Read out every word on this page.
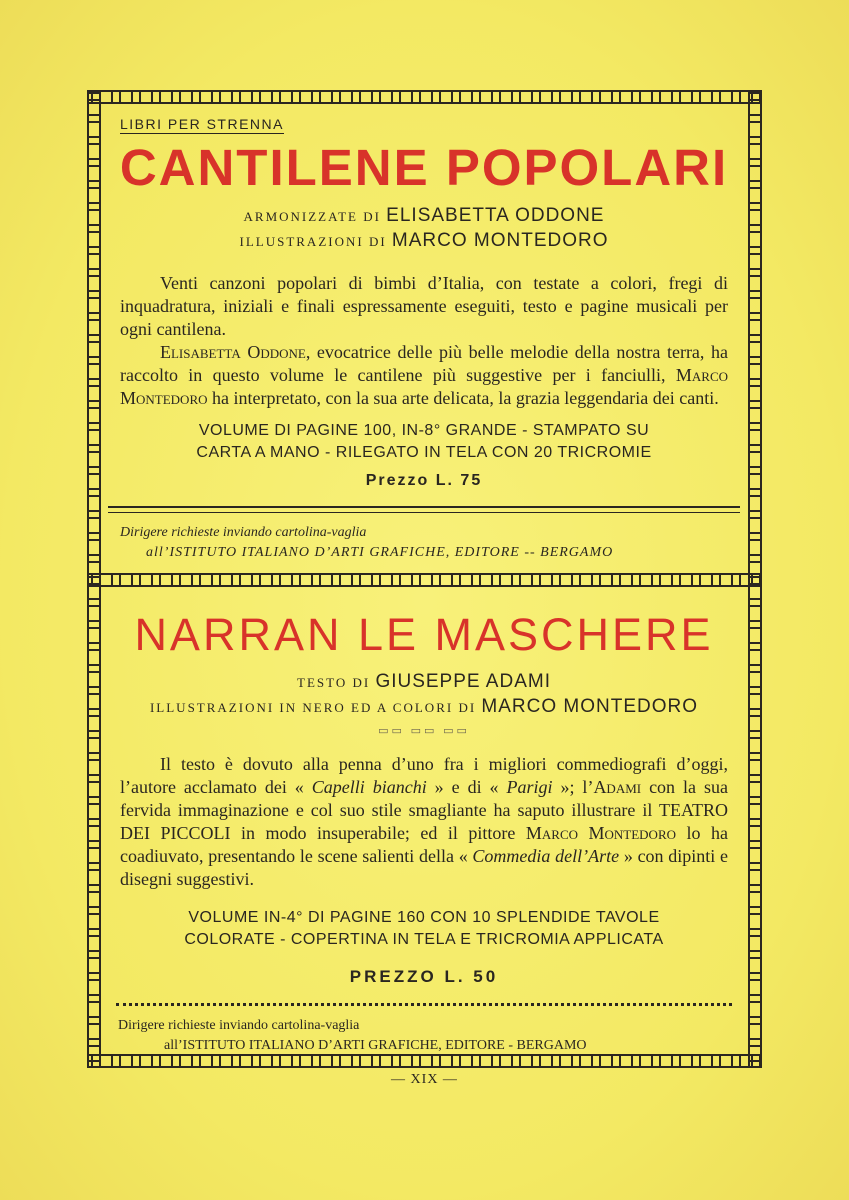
LIBRI PER STRENNA
CANTILENE POPOLARI
ARMONIZZATE DI ELISABETTA ODDONE
ILLUSTRAZIONI DI MARCO MONTEDORO

Venti canzoni popolari di bimbi d’Italia, con testate a colori, fregi di inquadratura, iniziali e finali espressamente eseguiti, testo e pagine musicali per ogni cantilena.

Elisabetta Oddone, evocatrice delle più belle melodie della nostra terra, ha raccolto in questo volume le cantilene più suggestive per i fanciulli, Marco Montedoro ha interpretato, con la sua arte delicata, la grazia leggendaria dei canti.

VOLUME DI PAGINE 100, IN-8° GRANDE - STAMPATO SU
CARTA A MANO - RILEGATO IN TELA CON 20 TRICROMIE
Prezzo L. 75
Dirigere richieste inviando cartolina-vaglia
all’ISTITUTO ITALIANO D’ARTI GRAFICHE, EDITORE -- BERGAMO
NARRAN LE MASCHERE
TESTO DI GIUSEPPE ADAMI
ILLUSTRAZIONI IN NERO ED A COLORI DI MARCO MONTEDORO
▭▭ ▭▭ ▭▭

Il testo è dovuto alla penna d’uno fra i migliori commediografi d’oggi, l’autore acclamato dei « Capelli bianchi » e di « Parigi »; l’Adami con la sua fervida immaginazione e col suo stile smagliante ha saputo illustrare il TEATRO DEI PICCOLI in modo insuperabile; ed il pittore Marco Montedoro lo ha coadiuvato, presentando le scene salienti della « Commedia dell’Arte » con dipinti e disegni suggestivi.

VOLUME IN-4° DI PAGINE 160 CON 10 SPLENDIDE TAVOLE
COLORATE - COPERTINA IN TELA E TRICROMIA APPLICATA
PREZZO L. 50
Dirigere richieste inviando cartolina-vaglia
all’ISTITUTO ITALIANO D’ARTI GRAFICHE, EDITORE - BERGAMO
— XIX —
